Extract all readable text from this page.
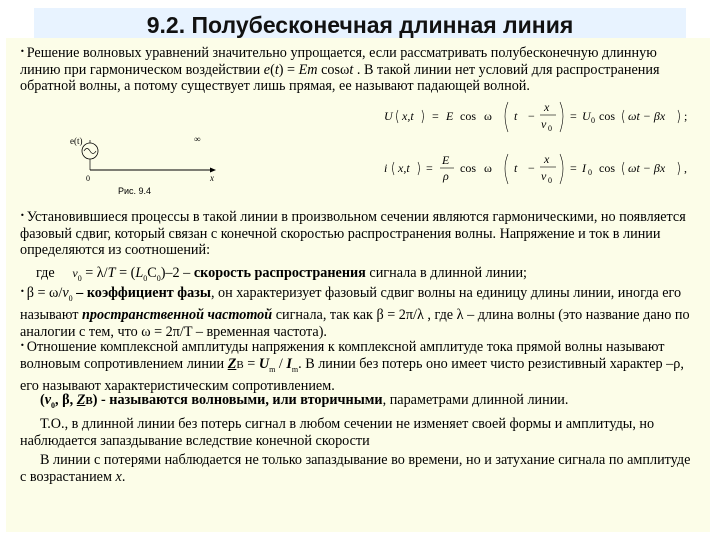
9.2. Полубесконечная длинная линия

• Решение волновых уравнений значительно упрощается, если рассматривать полубесконечную длинную линию при гармоническом воздействии e(t) = Em cosωt . В такой линии нет условий для распространения обратной волны, а потому существует лишь прямая, ее называют падающей волной.

e(t)	∞
0	x
Рис. 9.4
U x,t = E cos ω t −
x
v 0
= U 0 cos ωt − βx ;
i x,t =
E
ρ
cos ω t −
x
v 0
= I 0 cos ωt − βx ,

• Установившиеся процессы в такой линии в произвольном сечении являются гармоническими, но появляется фазовый сдвиг, который связан с конечной скоростью распространения волны. Напряжение и ток в линии определяются из соотношений:

где $v_0 = \lambda/T = (L_0C_0)-2$ – скорость распространения сигнала в длинной линии;

• $\beta = \omega/v_0$ – коэффициент фазы, он характеризует фазовый сдвиг волны на единицу длины линии, иногда его называют пространственной частотой сигнала, так как β = 2π/λ , где λ – длина волны (это название дано по аналогии с тем, что ω = 2π/T – временная частота).

• Отношение комплексной амплитуды напряжения к комплексной амплитуде тока прямой волны называют волновым сопротивлением линии ZВ = $U_m / I_m$. В линии без потерь оно имеет чисто резистивный характер –ρ, его называют характеристическим сопротивлением.

($v_0$, β, ZВ) - называются волновыми, или вторичными, параметрами длинной линии.

Т.О., в длинной линии без потерь сигнал в любом сечении не изменяет своей формы и амплитуды, но наблюдается запаздывание вследствие конечной скорости

В линии с потерями наблюдается не только запаздывание во времени, но и затухание сигнала по амплитуде с возрастанием x.
